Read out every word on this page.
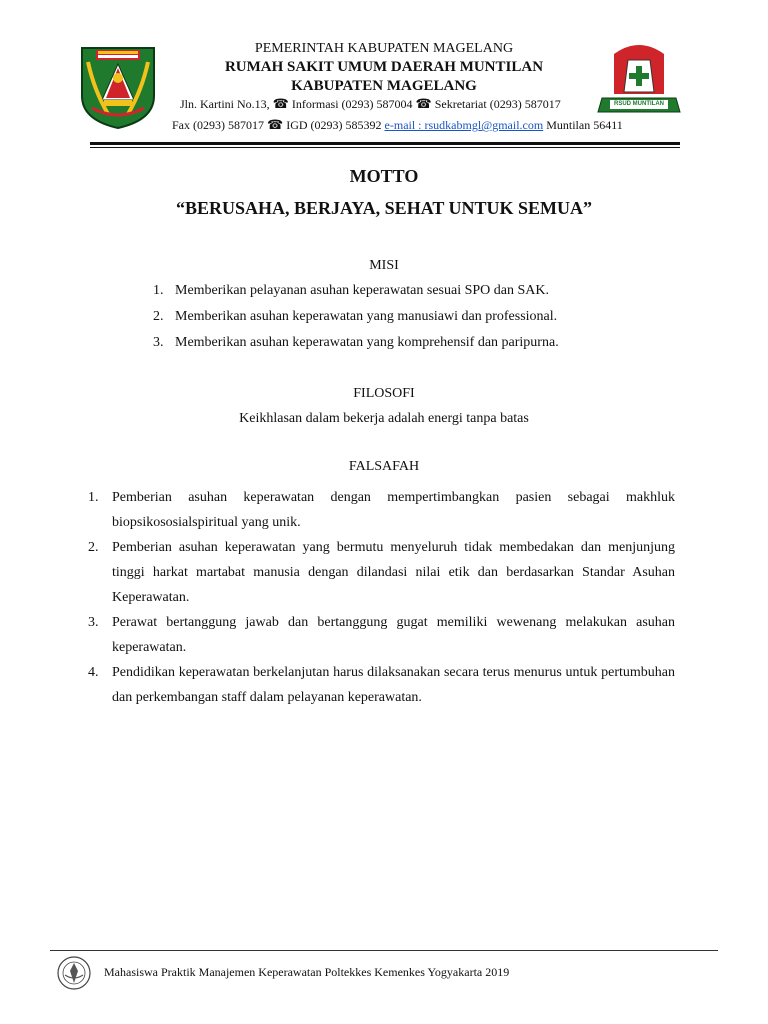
RSUD MUNTILAN
PEMERINTAH KABUPATEN MAGELANG
RUMAH SAKIT UMUM DAERAH MUNTILAN
KABUPATEN MAGELANG
Jln. Kartini No.13, ☎ Informasi (0293) 587004 ☎ Sekretariat (0293) 587017
Fax (0293) 587017 ☎ IGD (0293) 585392 e-mail : rsudkabmgl@gmail.com Muntilan 56411
MOTTO
“BERUSAHA, BERJAYA, SEHAT UNTUK SEMUA”
MISI
1. Memberikan pelayanan asuhan keperawatan sesuai SPO dan SAK.
2. Memberikan asuhan keperawatan yang manusiawi dan professional.
3. Memberikan asuhan keperawatan yang komprehensif dan paripurna.
FILOSOFI
Keikhlasan dalam bekerja adalah energi tanpa batas
FALSAFAH
1. Pemberian asuhan keperawatan dengan mempertimbangkan pasien sebagai makhluk biopsikososialspiritual yang unik.
2. Pemberian asuhan keperawatan yang bermutu menyeluruh tidak membedakan dan menjunjung tinggi harkat martabat manusia dengan dilandasi nilai etik dan berdasarkan Standar Asuhan Keperawatan.
3. Perawat bertanggung jawab dan bertanggung gugat memiliki wewenang melakukan asuhan keperawatan.
4. Pendidikan keperawatan berkelanjutan harus dilaksanakan secara terus menurus untuk pertumbuhan dan perkembangan staff dalam pelayanan keperawatan.
Mahasiswa Praktik Manajemen Keperawatan Poltekkes Kemenkes Yogyakarta 2019
